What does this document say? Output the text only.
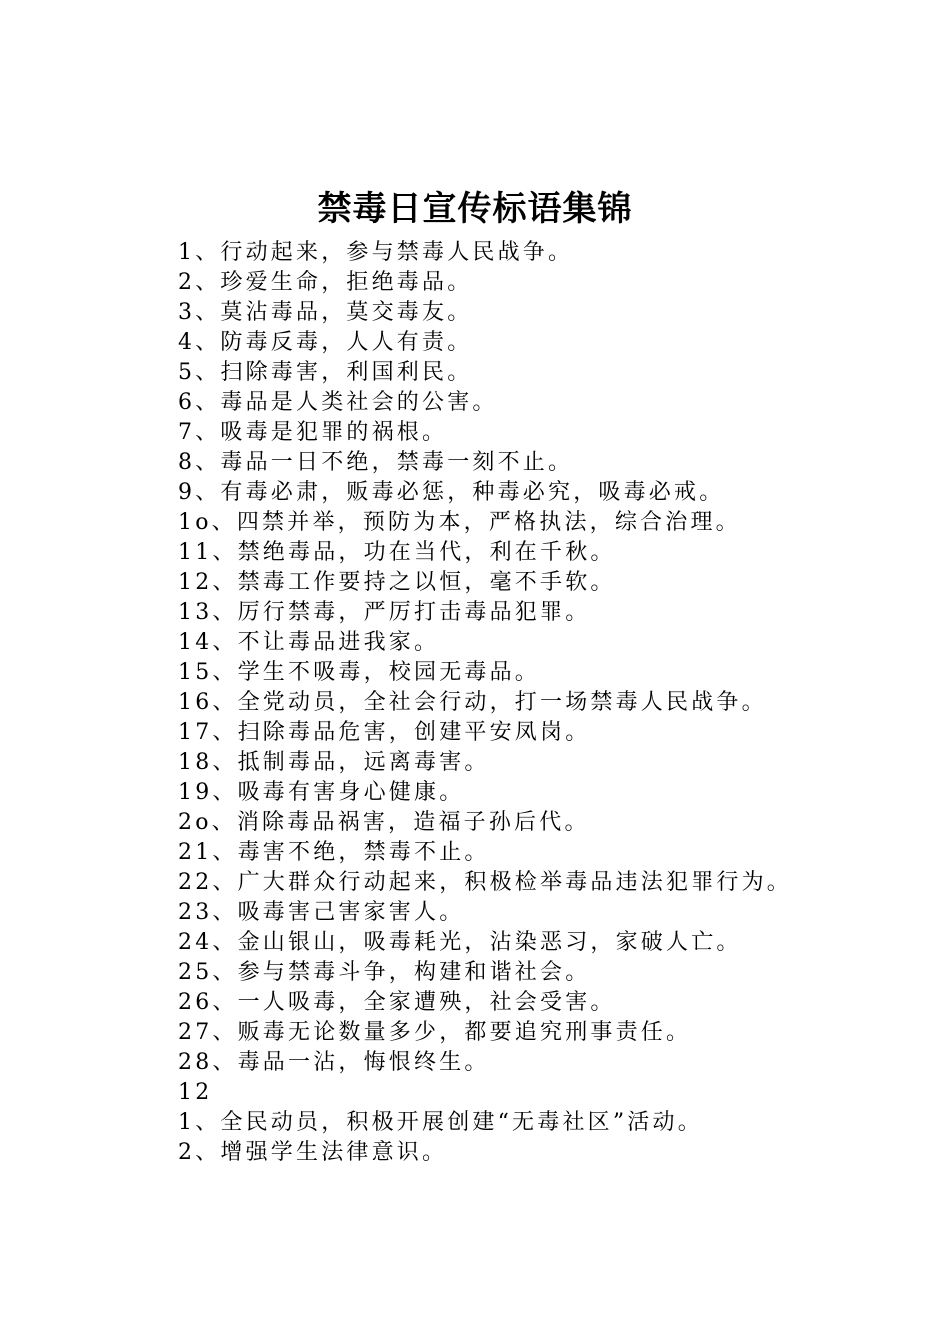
禁毒日宣传标语集锦
1、行动起来，参与禁毒人民战争。
2、珍爱生命，拒绝毒品。
3、莫沾毒品，莫交毒友。
4、防毒反毒，人人有责。
5、扫除毒害，利国利民。
6、毒品是人类社会的公害。
7、吸毒是犯罪的祸根。
8、毒品一日不绝，禁毒一刻不止。
9、有毒必肃，贩毒必惩，种毒必究，吸毒必戒。
1o、四禁并举，预防为本，严格执法，综合治理。
11、禁绝毒品，功在当代，利在千秋。
12、禁毒工作要持之以恒，毫不手软。
13、厉行禁毒，严厉打击毒品犯罪。
14、不让毒品进我家。
15、学生不吸毒，校园无毒品。
16、全党动员，全社会行动，打一场禁毒人民战争。
17、扫除毒品危害，创建平安凤岗。
18、抵制毒品，远离毒害。
19、吸毒有害身心健康。
2o、消除毒品祸害，造福子孙后代。
21、毒害不绝，禁毒不止。
22、广大群众行动起来，积极检举毒品违法犯罪行为。
23、吸毒害己害家害人。
24、金山银山，吸毒耗光，沾染恶习，家破人亡。
25、参与禁毒斗争，构建和谐社会。
26、一人吸毒，全家遭殃，社会受害。
27、贩毒无论数量多少，都要追究刑事责任。
28、毒品一沾，悔恨终生。
12
1、全民动员，积极开展创建“无毒社区”活动。
2、增强学生法律意识。
